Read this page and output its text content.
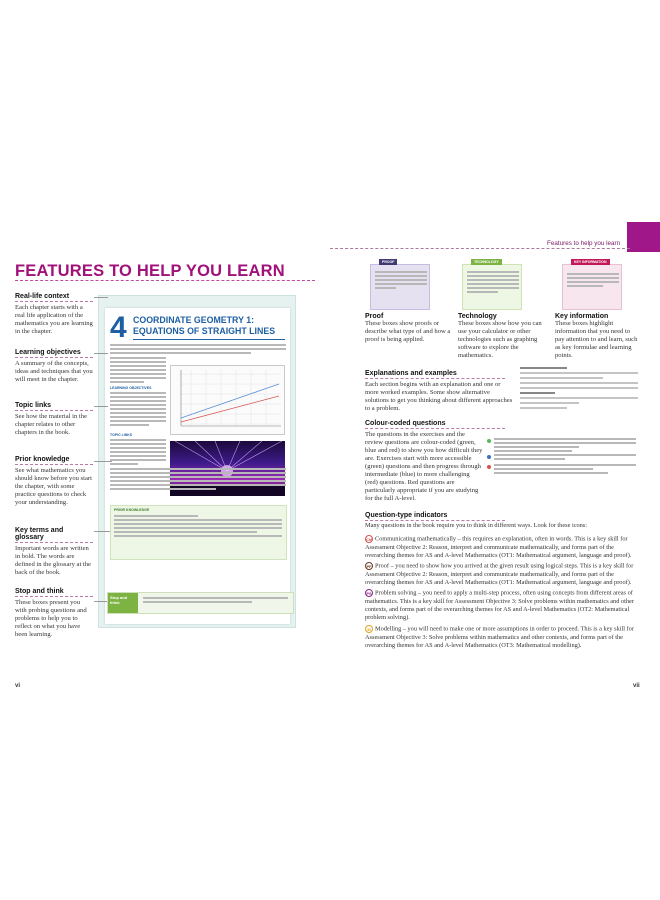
FEATURES TO HELP YOU LEARN
Real-life context
Each chapter starts with a real life application of the mathematics you are learning in the chapter.
Learning objectives
A summary of the concepts, ideas and techniques that you will meet in the chapter.
Topic links
See how the material in the chapter relates to other chapters in the book.
Prior knowledge
See what mathematics you should know before you start the chapter, with some practice questions to check your understanding.
Key terms and glossary
Important words are written in bold. The words are defined in the glossary at the back of the book.
Stop and think
These boxes present you with probing questions and problems to help you to reflect on what you have been learning.
4 COORDINATE GEOMETRY 1: EQUATIONS OF STRAIGHT LINES
LEARNING OBJECTIVES
TOPIC LINKS
PRIOR KNOWLEDGE
Stop and think
vi
Features to help you learn
PROOF	TECHNOLOGY	KEY INFORMATION
Proof
These boxes show proofs or describe what type of and how a proof is being applied.
Technology
These boxes show how you can use your calculator or other technologies such as graphing software to explore the mathematics.
Key information
These boxes highlight information that you need to pay attention to and learn, such as key formulae and learning points.
Explanations and examples
Each section begins with an explanation and one or more worked examples. Some show alternative solutions to get you thinking about different approaches to a problem.
Colour-coded questions
The questions in the exercises and the review questions are colour-coded (green, blue and red) to show you how difficult they are. Exercises start with more accessible (green) questions and then progress through intermediate (blue) to more challenging (red) questions. Red questions are particularly appropriate if you are studying for the full A-level.
Question-type indicators
Many questions in the book require you to think in different ways. Look for these icons:
CM Communicating mathematically – this requires an explanation, often in words. This is a key skill for Assessment Objective 2: Reason, interpret and communicate mathematically, and forms part of the overarching themes for AS and A-level Mathematics (OT1: Mathematical argument, language and proof).
PF Proof – you need to show how you arrived at the given result using logical steps. This is a key skill for Assessment Objective 2: Reason, interpret and communicate mathematically, and forms part of the overarching themes for AS and A-level Mathematics (OT1: Mathematical argument, language and proof).
PS Problem solving – you need to apply a multi-step process, often using concepts from different areas of mathematics. This is a key skill for Assessment Objective 3: Solve problems within mathematics and other contexts, and forms part of the overarching themes for AS and A-level Mathematics (OT2: Mathematical problem solving).
M Modelling – you will need to make one or more assumptions in order to proceed. This is a key skill for Assessment Objective 3: Solve problems within mathematics and other contexts, and forms part of the overarching themes for AS and A-level Mathematics (OT3: Mathematical modelling).
vii
